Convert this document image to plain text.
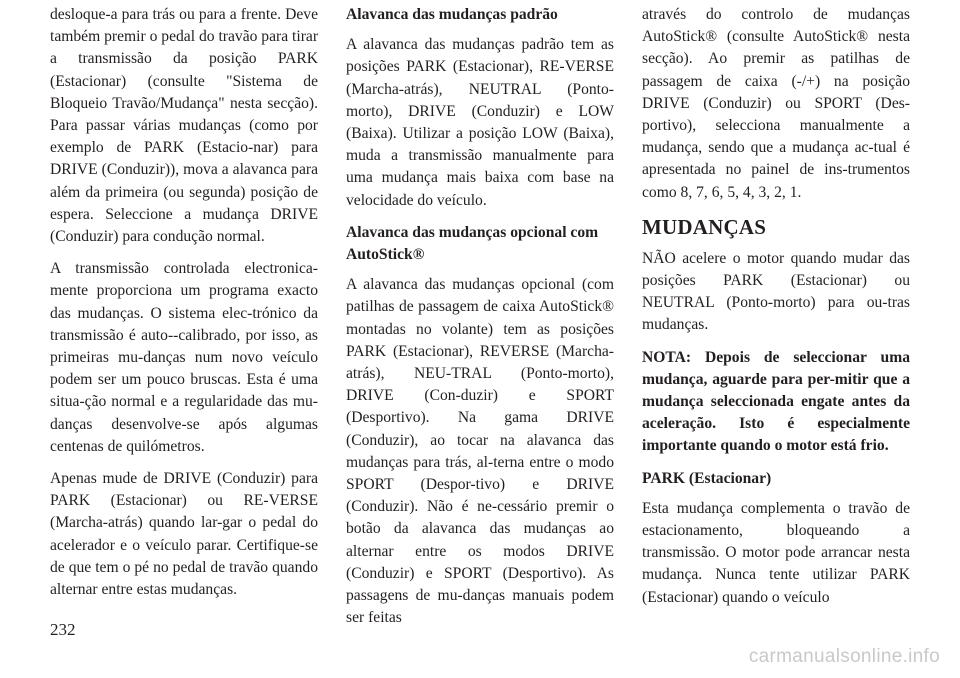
desloque-a para trás ou para a frente. Deve também premir o pedal do travão para tirar a transmissão da posição PARK (Estacionar) (consulte "Sistema de Bloqueio Travão/Mudança" nesta secção). Para passar várias mudanças (como por exemplo de PARK (Estacio-nar) para DRIVE (Conduzir)), mova a alavanca para além da primeira (ou segunda) posição de espera. Seleccione a mudança DRIVE (Conduzir) para condução normal.

A transmissão controlada electronica-mente proporciona um programa exacto das mudanças. O sistema elec-trónico da transmissão é auto--calibrado, por isso, as primeiras mu-danças num novo veículo podem ser um pouco bruscas. Esta é uma situa-ção normal e a regularidade das mu-danças desenvolve-se após algumas centenas de quilómetros.

Apenas mude de DRIVE (Conduzir) para PARK (Estacionar) ou RE-VERSE (Marcha-atrás) quando lar-gar o pedal do acelerador e o veículo parar. Certifique-se de que tem o pé no pedal de travão quando alternar entre estas mudanças.

Alavanca das mudanças padrão

A alavanca das mudanças padrão tem as posições PARK (Estacionar), RE-VERSE (Marcha-atrás), NEUTRAL (Ponto-morto), DRIVE (Conduzir) e LOW (Baixa). Utilizar a posição LOW (Baixa), muda a transmissão manualmente para uma mudança mais baixa com base na velocidade do veículo.

Alavanca das mudanças opcional com AutoStick®

A alavanca das mudanças opcional (com patilhas de passagem de caixa AutoStick® montadas no volante) tem as posições PARK (Estacionar), REVERSE (Marcha-atrás), NEU-TRAL (Ponto-morto), DRIVE (Con-duzir) e SPORT (Desportivo). Na gama DRIVE (Conduzir), ao tocar na alavanca das mudanças para trás, al-terna entre o modo SPORT (Despor-tivo) e DRIVE (Conduzir). Não é ne-cessário premir o botão da alavanca das mudanças ao alternar entre os modos DRIVE (Conduzir) e SPORT (Desportivo). As passagens de mu-danças manuais podem ser feitas

através do controlo de mudanças AutoStick® (consulte AutoStick® nesta secção). Ao premir as patilhas de passagem de caixa (-/+) na posição DRIVE (Conduzir) ou SPORT (Des-portivo), selecciona manualmente a mudança, sendo que a mudança ac-tual é apresentada no painel de ins-trumentos como 8, 7, 6, 5, 4, 3, 2, 1.

MUDANÇAS

NÃO acelere o motor quando mudar das posições PARK (Estacionar) ou NEUTRAL (Ponto-morto) para ou-tras mudanças.

NOTA: Depois de seleccionar uma mudança, aguarde para per-mitir que a mudança seleccionada engate antes da aceleração. Isto é especialmente importante quando o motor está frio.

PARK (Estacionar)

Esta mudança complementa o travão de estacionamento, bloqueando a transmissão. O motor pode arrancar nesta mudança. Nunca tente utilizar PARK (Estacionar) quando o veículo

232
carmanualsonline.info
